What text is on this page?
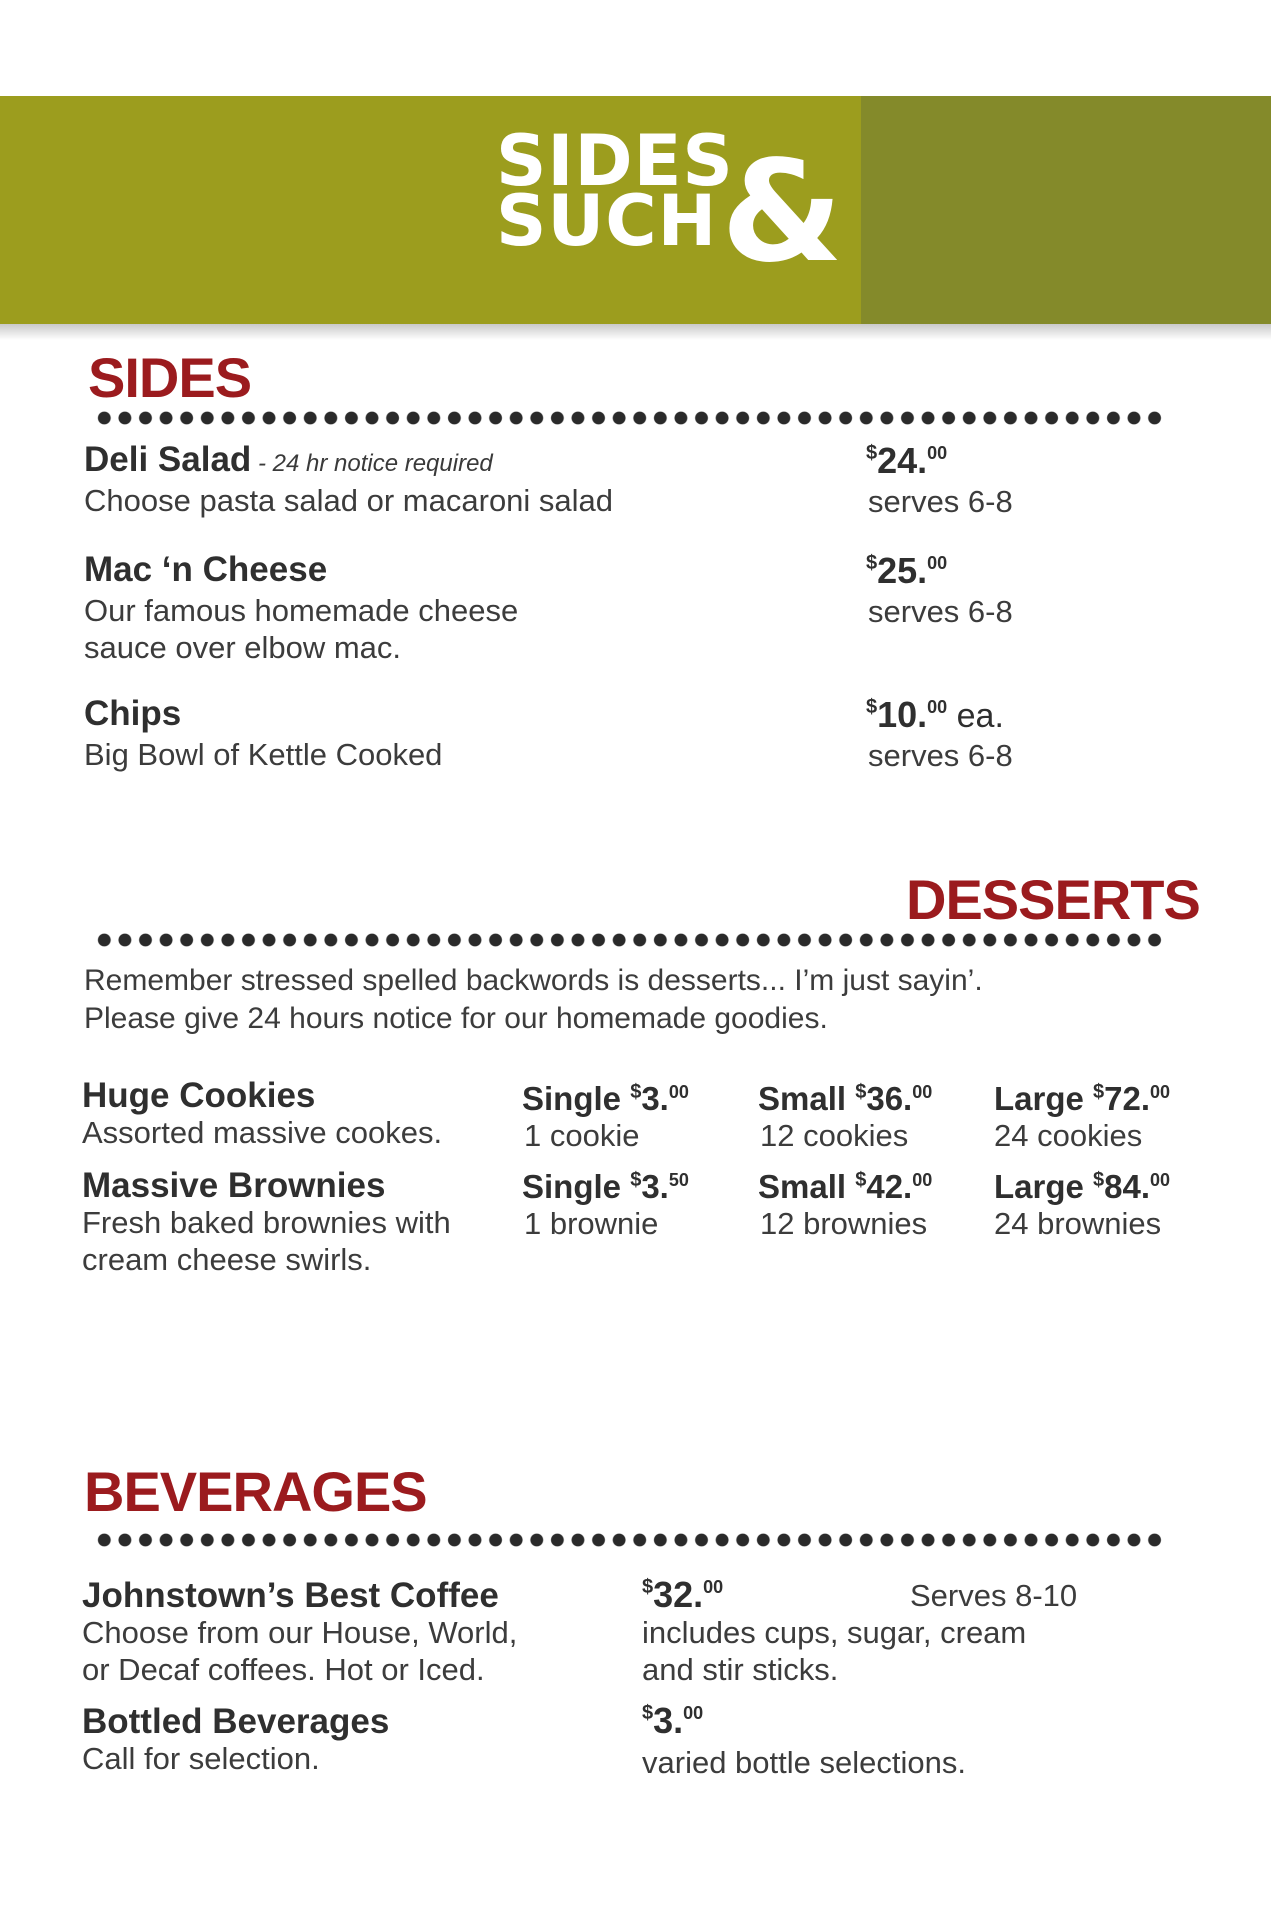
SIDES
SUCH &
SIDES
Deli Salad - 24 hr notice required
Choose pasta salad or macaroni salad
$24.00
serves 6-8
Mac ‘n Cheese
Our famous homemade cheese
sauce over elbow mac.
$25.00
serves 6-8
Chips
Big Bowl of Kettle Cooked
$10.00 ea.
serves 6-8
DESSERTS
Remember stressed spelled backwords is desserts... I’m just sayin’.
Please give 24 hours notice for our homemade goodies.
Huge Cookies
Assorted massive cookes.
Single $3.00
1 cookie
Small $36.00
12 cookies
Large $72.00
24 cookies
Massive Brownies
Fresh baked brownies with
cream cheese swirls.
Single $3.50
1 brownie
Small $42.00
12 brownies
Large $84.00
24 brownies
BEVERAGES
Johnstown’s Best Coffee
Choose from our House, World,
or Decaf coffees. Hot or Iced.
$32.00	Serves 8-10
includes cups, sugar, cream
and stir sticks.
Bottled Beverages
Call for selection.
$3.00
varied bottle selections.
